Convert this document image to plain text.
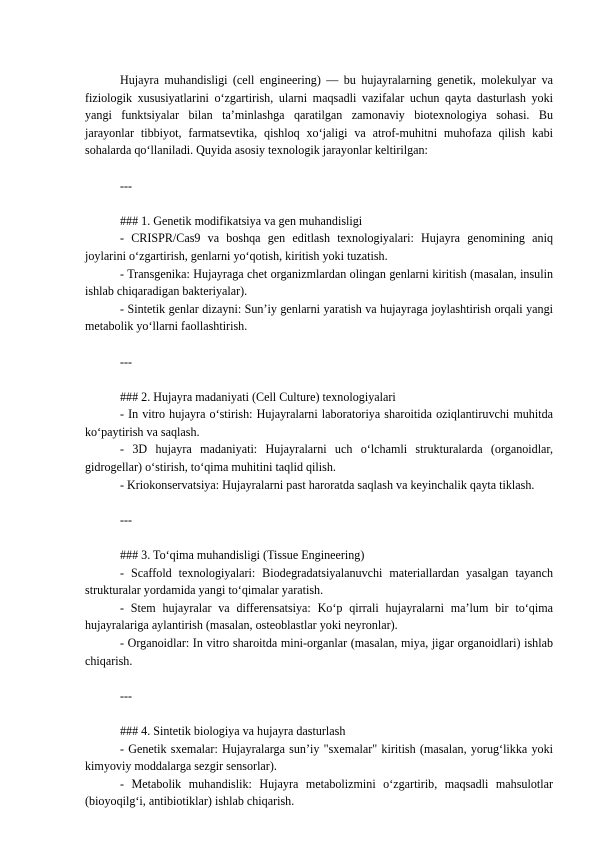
Hujayra muhandisligi (cell engineering) — bu hujayralarning genetik, molekulyar va fiziologik xususiyatlarini o‘zgartirish, ularni maqsadli vazifalar uchun qayta dasturlash yoki yangi funktsiyalar bilan ta’minlashga qaratilgan zamonaviy biotexnologiya sohasi. Bu jarayonlar tibbiyot, farmatsevtika, qishloq xo‘jaligi va atrof-muhitni muhofaza qilish kabi sohalarda qo‘llaniladi. Quyida asosiy texnologik jarayonlar keltirilgan:

---

### 1. Genetik modifikatsiya va gen muhandisligi

- CRISPR/Cas9 va boshqa gen editlash texnologiyalari: Hujayra genomining aniq joylarini o‘zgartirish, genlarni yo‘qotish, kiritish yoki tuzatish.

- Transgenika: Hujayraga chet organizmlardan olingan genlarni kiritish (masalan, insulin ishlab chiqaradigan bakteriyalar).

- Sintetik genlar dizayni: Sun’iy genlarni yaratish va hujayraga joylashtirish orqali yangi metabolik yo‘llarni faollashtirish.

---

### 2. Hujayra madaniyati (Cell Culture) texnologiyalari

- In vitro hujayra o‘stirish: Hujayralarni laboratoriya sharoitida oziqlantiruvchi muhitda ko‘paytirish va saqlash.

- 3D hujayra madaniyati: Hujayralarni uch o‘lchamli strukturalarda (organoidlar, gidrogellar) o‘stirish, to‘qima muhitini taqlid qilish.

- Kriokonservatsiya: Hujayralarni past haroratda saqlash va keyinchalik qayta tiklash.

---

### 3. To‘qima muhandisligi (Tissue Engineering)

- Scaffold texnologiyalari: Biodegradatsiyalanuvchi materiallardan yasalgan tayanch strukturalar yordamida yangi to‘qimalar yaratish.

- Stem hujayralar va differensatsiya: Ko‘p qirrali hujayralarni ma’lum bir to‘qima hujayralariga aylantirish (masalan, osteoblastlar yoki neyronlar).

- Organoidlar: In vitro sharoitda mini-organlar (masalan, miya, jigar organoidlari) ishlab chiqarish.

---

### 4. Sintetik biologiya va hujayra dasturlash

- Genetik sxemalar: Hujayralarga sun’iy "sxemalar" kiritish (masalan, yorug‘likka yoki kimyoviy moddalarga sezgir sensorlar).

- Metabolik muhandislik: Hujayra metabolizmini o‘zgartirib, maqsadli mahsulotlar (bioyoqilg‘i, antibiotiklar) ishlab chiqarish.
